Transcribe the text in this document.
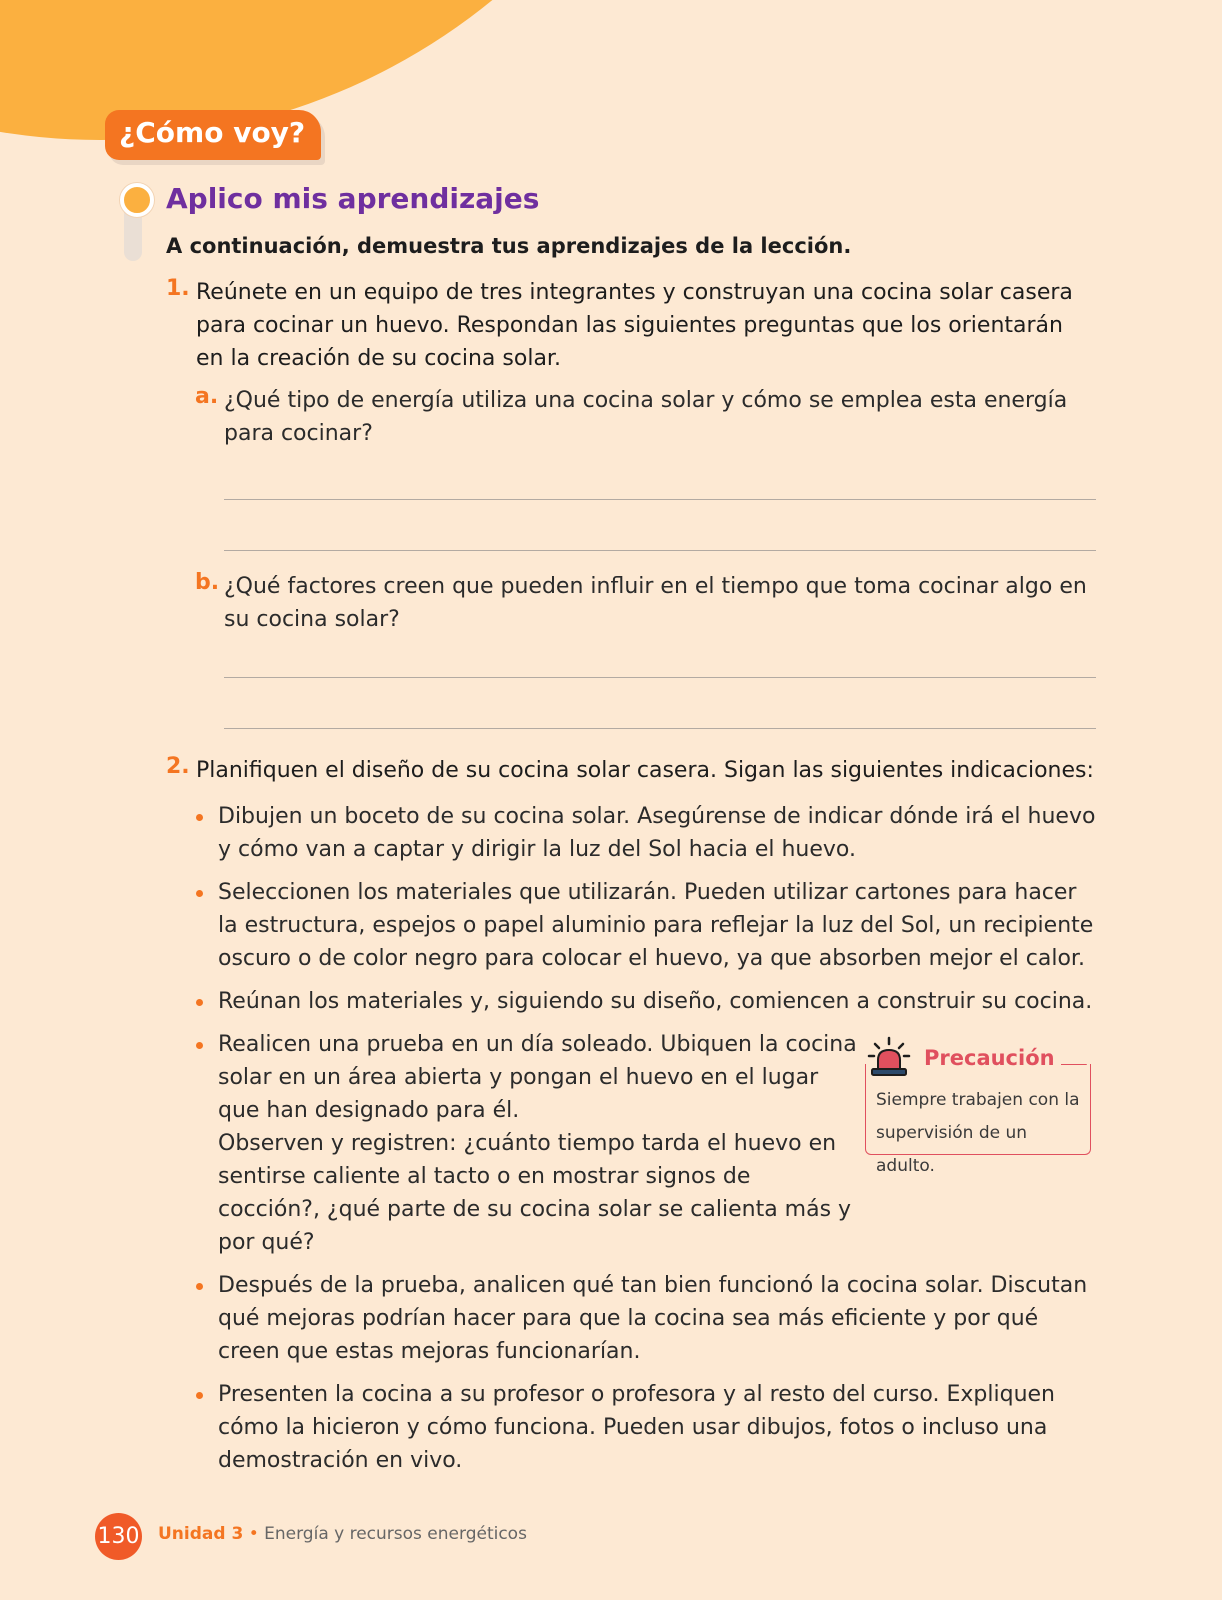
¿Cómo voy?
Aplico mis aprendizajes
A continuación, demuestra tus aprendizajes de la lección.
1. Reúnete en un equipo de tres integrantes y construyan una cocina solar casera para cocinar un huevo. Respondan las siguientes preguntas que los orientarán en la creación de su cocina solar.
a. ¿Qué tipo de energía utiliza una cocina solar y cómo se emplea esta energía para cocinar?
b. ¿Qué factores creen que pueden influir en el tiempo que toma cocinar algo en su cocina solar?
2. Planifiquen el diseño de su cocina solar casera. Sigan las siguientes indicaciones:
Dibujen un boceto de su cocina solar. Asegúrense de indicar dónde irá el huevo y cómo van a captar y dirigir la luz del Sol hacia el huevo.
Seleccionen los materiales que utilizarán. Pueden utilizar cartones para hacer la estructura, espejos o papel aluminio para reflejar la luz del Sol, un recipiente oscuro o de color negro para colocar el huevo, ya que absorben mejor el calor.
Reúnan los materiales y, siguiendo su diseño, comiencen a construir su cocina.
Realicen una prueba en un día soleado. Ubiquen la cocina solar en un área abierta y pongan el huevo en el lugar que han designado para él.
Observen y registren: ¿cuánto tiempo tarda el huevo en sentirse caliente al tacto o en mostrar signos de cocción?, ¿qué parte de su cocina solar se calienta más y por qué?
Después de la prueba, analicen qué tan bien funcionó la cocina solar. Discutan qué mejoras podrían hacer para que la cocina sea más eficiente y por qué creen que estas mejoras funcionarían.
Presenten la cocina a su profesor o profesora y al resto del curso. Expliquen cómo la hicieron y cómo funciona. Pueden usar dibujos, fotos o incluso una demostración en vivo.
Precaución
Siempre trabajen con la supervisión de un adulto.
130 Unidad 3 • Energía y recursos energéticos
